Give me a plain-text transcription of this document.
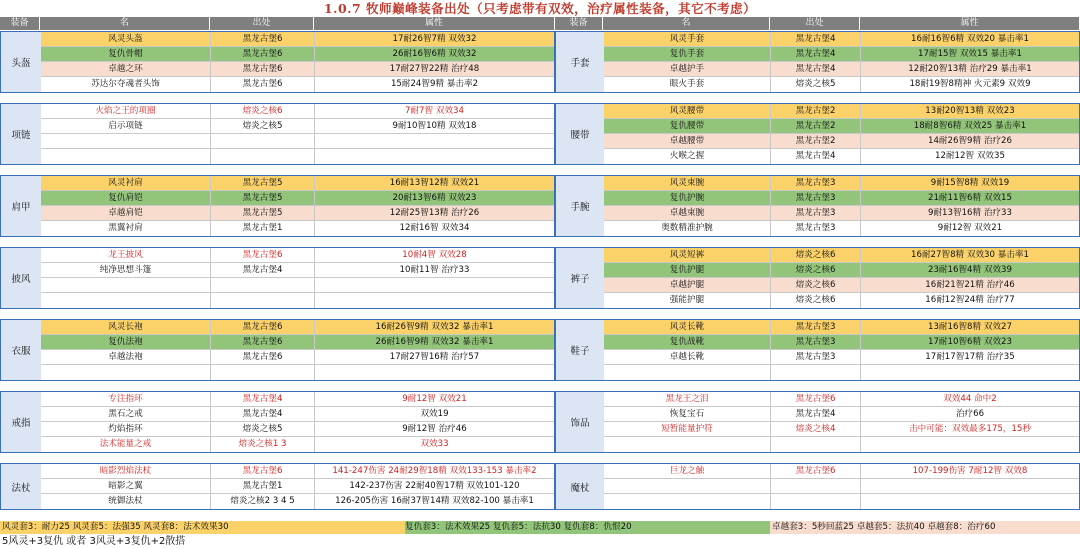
1.0.7 牧师巅峰装备出处（只考虑带有双效，治疗属性装备，其它不考虑）
装备	名	出处	属性	装备	名	出处	属性
头盔
风灵头盔	黑龙古堡6	17耐26智7精 双效32
复仇骨帽	黑龙古堡6	26耐16智6精 双效32
卓越之环	黑龙古堡6	17耐27智22精 治疗48
苏达尔夺魂者头饰	黑龙古堡6	15耐24智9精 暴击率2
项链
火焰之王的项圈	熔炎之核6	7耐7智 双效34
启示项链	熔炎之核5	9耐10智10精 双效18
肩甲
风灵衬肩	黑龙古堡5	16耐13智12精 双效21
复仇肩铠	黑龙古堡5	20耐13智6精 双效23
卓越肩铠	黑龙古堡5	12耐25智13精 治疗26
黑翼衬肩	黑龙古堡1	12耐16智 双效34
披风
龙王披风	黑龙古堡6	10耐4智 双效28
纯净思想斗篷	黑龙古堡4	10耐11智 治疗33
衣服
风灵长袍	黑龙古堡6	16耐26智9精 双效32 暴击率1
复仇法袍	黑龙古堡6	26耐16智9精 双效32 暴击率1
卓越法袍	黑龙古堡6	17耐27智16精 治疗57
戒指
专注指环	黑龙古堡4	9耐12智 双效21
黑石之戒	黑龙古堡4	双效19
灼焰指环	熔炎之核5	9耐12智 治疗46
法术能量之戒	熔炎之核1 3	双效33
法杖
暗影烈焰法杖	黑龙古堡6	141-247伤害 24耐29智18精 双效133-153 暴击率2
暗影之翼	黑龙古堡1	142-237伤害 22耐40智17精 双效101-120
统御法杖	熔炎之核2 3 4 5	126-205伤害 16耐37智14精 双效82-100 暴击率1
手套
风灵手套	黑龙古堡4	16耐16智6精 双效20 暴击率1
复仇手套	黑龙古堡4	17耐15智 双效15 暴击率1
卓越护手	黑龙古堡4	12耐20智13精 治疗29 暴击率1
眼火手套	熔炎之核5	18耐19智8精神 火元素9 双效9
腰带
风灵腰带	黑龙古堡2	13耐20智13精 双效23
复仇腰带	黑龙古堡2	18耐8智6精 双效25 暴击率1
卓越腰带	黑龙古堡2	14耐26智9精 治疗26
火喉之握	黑龙古堡4	12耐12智 双效35
手腕
风灵束腕	黑龙古堡3	9耐15智8精 双效19
复仇护腕	黑龙古堡3	21耐11智6精 双效15
卓越束腕	黑龙古堡3	9耐13智16精 治疗33
奥数精准护腕	黑龙古堡3	9耐12智 双效21
裤子
风灵短裤	熔炎之核6	16耐27智8精 双效30 暴击率1
复仇护腿	熔炎之核6	23耐16智4精 双效39
卓越护腿	熔炎之核6	16耐21智21精 治疗46
强能护腿	熔炎之核6	16耐12智24精 治疗77
鞋子
风灵长靴	黑龙古堡3	13耐16智8精 双效27
复仇战靴	黑龙古堡3	17耐10智6精 双效23
卓越长靴	黑龙古堡3	17耐17智17精 治疗35
饰品
黑龙王之泪	黑龙古堡6	双效44 命中2
恢复宝石	黑龙古堡4	治疗66
短暂能量护符	熔炎之核4	击中可能：双效最多175，15秒
魔杖
巨龙之触	黑龙古堡6	107-199伤害 7耐12智 双效8
风灵套3：耐力25 风灵套5：法强35 风灵套8：法术效果30	复仇套3：法术效果25 复仇套5：法抗30 复仇套8：仇恨20	卓越套3：5秒回蓝25 卓越套5：法抗40 卓越套8：治疗60
5风灵+3复仇 或者 3风灵+3复仇+2散搭
